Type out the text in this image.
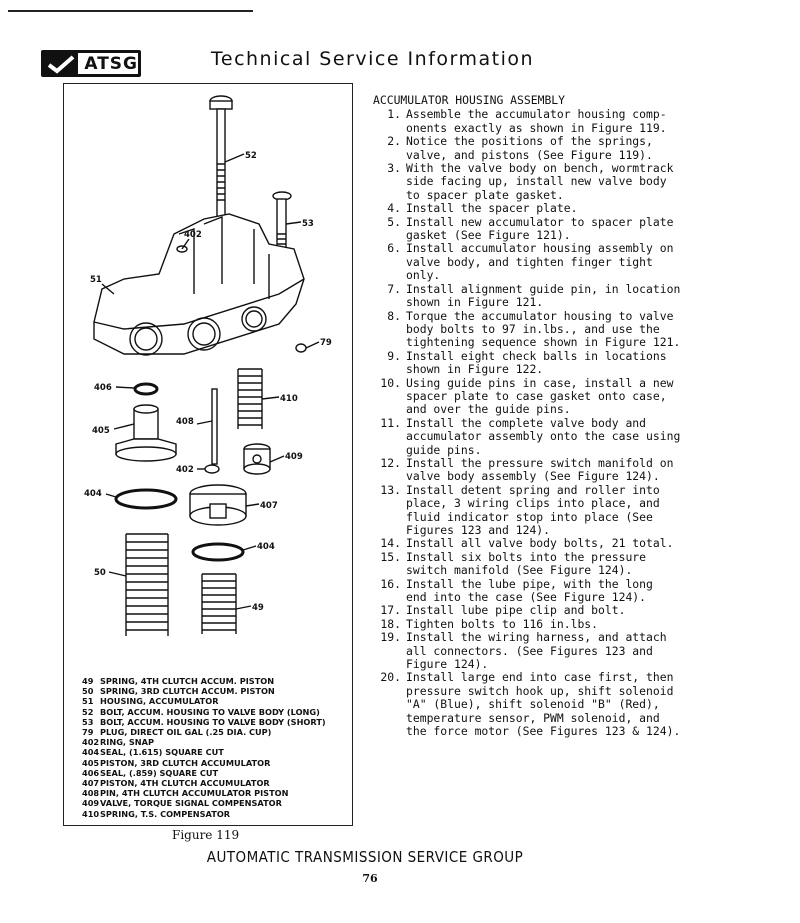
ATSG	Technical Service Information
52
53
402
51
79
406
410
405
408
409
402
404
407
404
50
49
49 SPRING, 4TH CLUTCH ACCUM. PISTON
50 SPRING, 3RD CLUTCH ACCUM. PISTON
51 HOUSING, ACCUMULATOR
52 BOLT, ACCUM. HOUSING TO VALVE BODY (LONG)
53 BOLT, ACCUM. HOUSING TO VALVE BODY (SHORT)
79 PLUG, DIRECT OIL GAL (.25 DIA. CUP)
402 RING, SNAP
404 SEAL, (1.615) SQUARE CUT
405 PISTON, 3RD CLUTCH ACCUMULATOR
406 SEAL, (.859) SQUARE CUT
407 PISTON, 4TH CLUTCH ACCUMULATOR
408 PIN, 4TH CLUTCH ACCUMULATOR PISTON
409 VALVE, TORQUE SIGNAL COMPENSATOR
410 SPRING, T.S. COMPENSATOR
Figure 119
ACCUMULATOR HOUSING ASSEMBLY
1. Assemble the accumulator housing comp-
onents exactly as shown in Figure 119.
2. Notice the positions of the springs,
valve, and pistons (See Figure 119).
3. With the valve body on bench, wormtrack
side facing up, install new valve body
to spacer plate gasket.
4. Install the spacer plate.
5. Install new accumulator to spacer plate
gasket (See Figure 121).
6. Install accumulator housing assembly on
valve body, and tighten finger tight
only.
7. Install alignment guide pin, in location
shown in Figure 121.
8. Torque the accumulator housing to valve
body bolts to 97 in.lbs., and use the
tightening sequence shown in Figure 121.
9. Install eight check balls in locations
shown in Figure 122.
10. Using guide pins in case, install a new
spacer plate to case gasket onto case,
and over the guide pins.
11. Install the complete valve body and
accumulator assembly onto the case using
guide pins.
12. Install the pressure switch manifold on
valve body assembly (See Figure 124).
13. Install detent spring and roller into
place, 3 wiring clips into place, and
fluid indicator stop into place (See
Figures 123 and 124).
14. Install all valve body bolts, 21 total.
15. Install six bolts into the pressure
switch manifold (See Figure 124).
16. Install the lube pipe, with the long
end into the case (See Figure 124).
17. Install lube pipe clip and bolt.
18. Tighten bolts to 116 in.lbs.
19. Install the wiring harness, and attach
all connectors. (See Figures 123 and
Figure 124).
20. Install large end into case first, then
pressure switch hook up, shift solenoid
"A" (Blue), shift solenoid "B" (Red),
temperature sensor, PWM solenoid, and
the force motor (See Figures 123 & 124).
AUTOMATIC TRANSMISSION SERVICE GROUP
76
